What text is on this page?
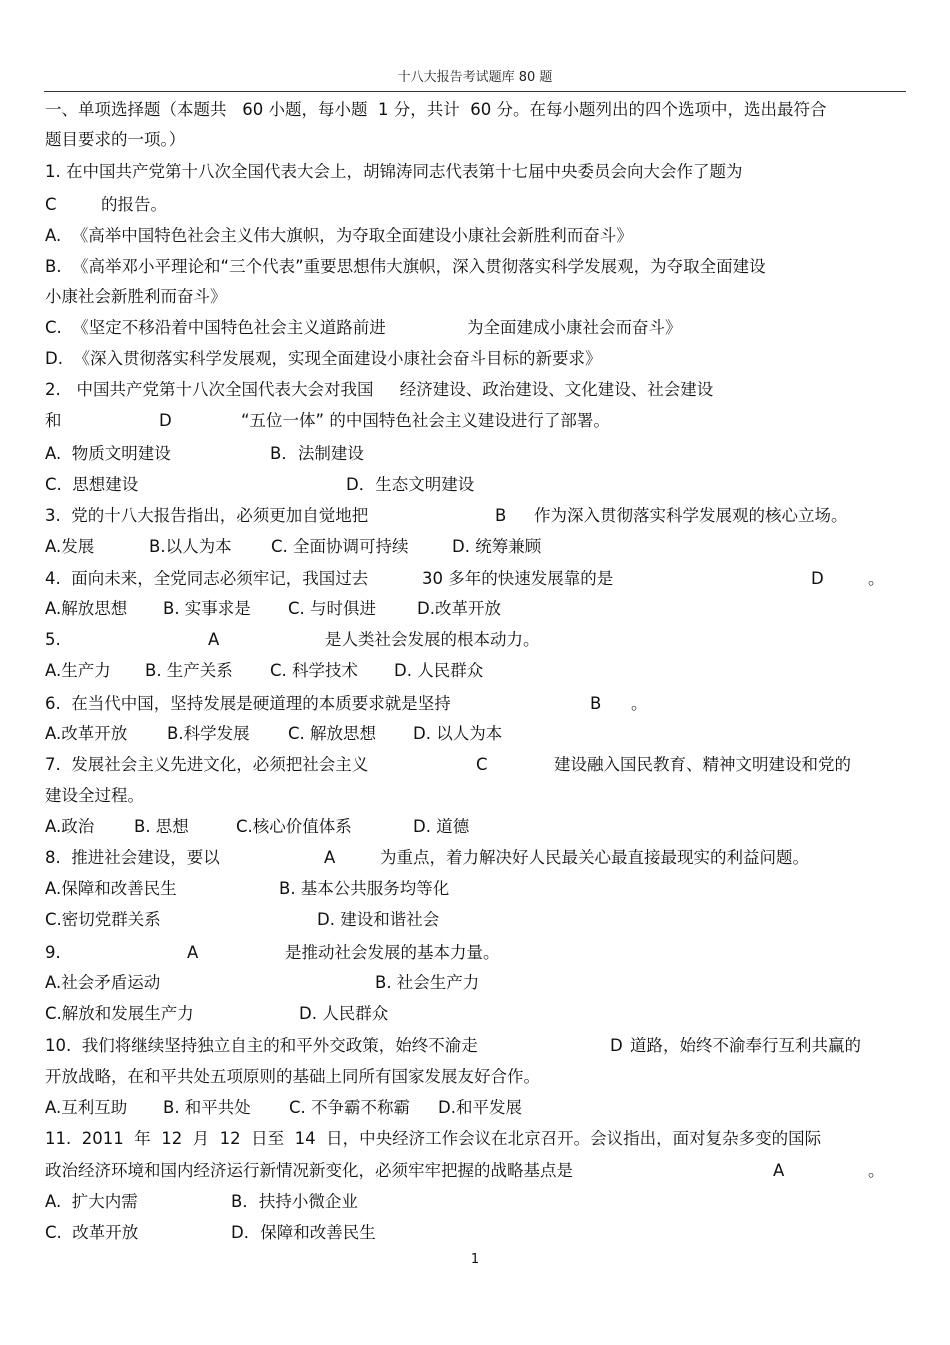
十八大报告考试题库 80 题
一、单项选择题（本题共   60 小题，每小题  1 分，共计  60 分。在每小题列出的四个选项中，选出最符合
题目要求的一项。）
1. 在中国共产党第十八次全国代表大会上，胡锦涛同志代表第十七届中央委员会向大会作了题为

C

	的报告。

A.  《高举中国特色社会主义伟大旗帜，为夺取全面建设小康社会新胜利而奋斗》
B.  《高举邓小平理论和“三个代表”重要思想伟大旗帜，深入贯彻落实科学发展观，为夺取全面建设
小康社会新胜利而奋斗》

C.  《坚定不移沿着中国特色社会主义道路前进

	为全面建成小康社会而奋斗》

D.  《深入贯彻落实科学发展观，实现全面建设小康社会奋斗目标的新要求》
2.   中国共产党第十八次全国代表大会对我国     经济建设、政治建设、文化建设、社会建设

和

	D

	“五位一体” 的中国特色社会主义建设进行了部署。

A.  物质文明建设

	B．法制建设

C.  思想建设

	D．生态文明建设

3.  党的十八大报告指出，必须更加自觉地把

	B

作为深入贯彻落实科学发展观的核心立场。

A.发展

	B.以人为本

C. 全面协调可持续

	D. 统筹兼顾

4.  面向未来，全党同志必须牢记，我国过去

	30 多年的快速发展靠的是

	D

	。

A.解放思想

B. 实事求是

C. 与时俱进

D.改革开放

5.

	A

	是人类社会发展的根本动力。

A.生产力

B. 生产关系

C. 科学技术

D. 人民群众

6.  在当代中国，坚持发展是硬道理的本质要求就是坚持

	B

。

A.改革开放

B.科学发展

C. 解放思想

D. 以人为本

7.  发展社会主义先进文化，必须把社会主义

	C

	建设融入国民教育、精神文明建设和党的

建设全过程。

A.政治

B. 思想

	C.核心价值体系

	D. 道德

8.  推进社会建设，要以

	A

	为重点，着力解决好人民最关心最直接最现实的利益问题。

A.保障和改善民生

	B. 基本公共服务均等化

C.密切党群关系

	D. 建设和谐社会

9.

	A

	是推动社会发展的基本力量。

A.社会矛盾运动

	B. 社会生产力

C.解放和发展生产力

	D. 人民群众

10.  我们将继续坚持独立自主的和平外交政策，始终不渝走

	D

道路，始终不渝奉行互利共赢的

开放战略，在和平共处五项原则的基础上同所有国家发展友好合作。

A.互利互助

B. 和平共处

C. 不争霸不称霸

D.和平发展

11.  2011  年  12  月  12  日至  14  日，中央经济工作会议在北京召开。会议指出，面对复杂多变的国际

政治经济环境和国内经济运行新情况新变化，必须牢牢把握的战略基点是

	A

	。

A.  扩大内需

	B．扶持小微企业

C.  改革开放

	D．保障和改善民生

1
